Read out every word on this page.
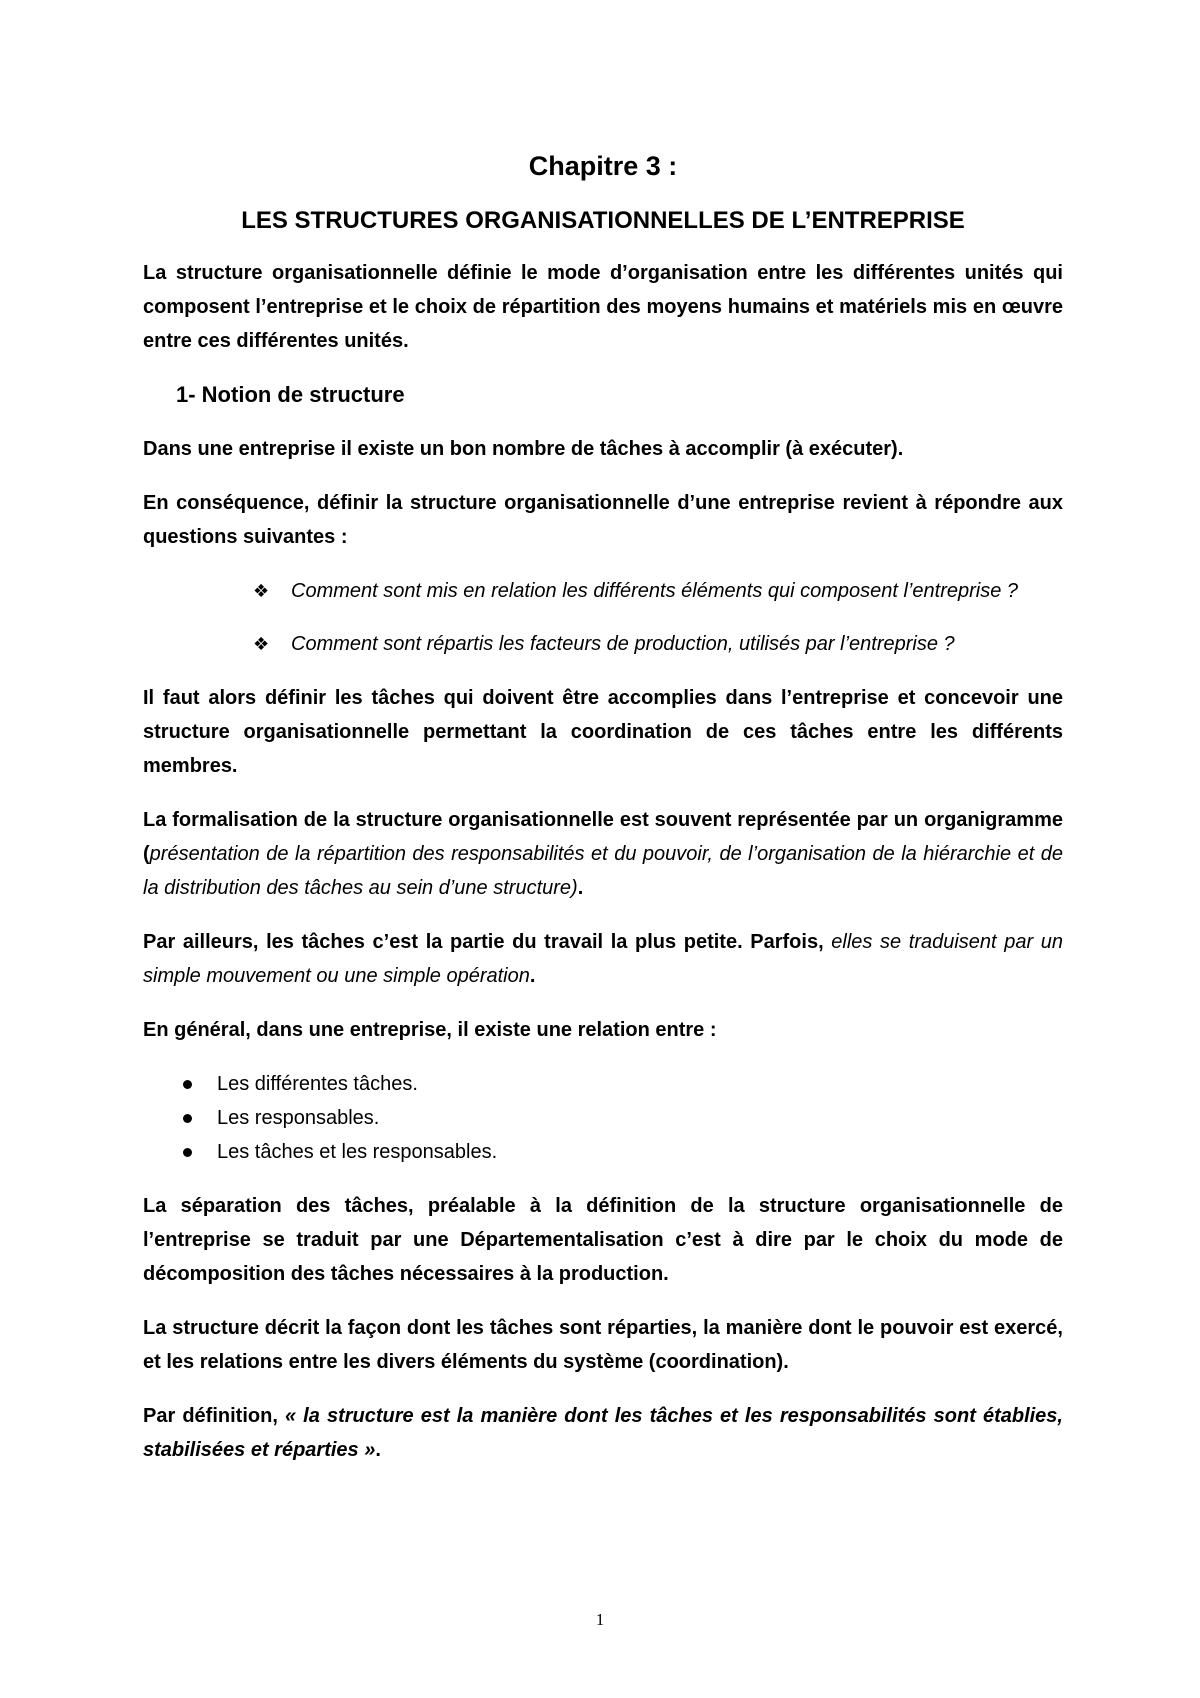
Chapitre 3 :
LES STRUCTURES ORGANISATIONNELLES DE L’ENTREPRISE

La structure organisationnelle définie le mode d’organisation entre les différentes unités qui composent l’entreprise et le choix de répartition des moyens humains et matériels mis en œuvre entre ces différentes unités.

1- Notion de structure

Dans une entreprise il existe un bon nombre de tâches à accomplir (à exécuter).

En conséquence, définir la structure organisationnelle d’une entreprise revient à répondre aux questions suivantes :

❖ Comment sont mis en relation les différents éléments qui composent l’entreprise ?
❖ Comment sont répartis les facteurs de production, utilisés par l’entreprise ?

Il faut alors définir les tâches qui doivent être accomplies dans l’entreprise et concevoir une structure organisationnelle permettant la coordination de ces tâches entre les différents membres.

La formalisation de la structure organisationnelle est souvent représentée par un organigramme (présentation de la répartition des responsabilités et du pouvoir, de l’organisation de la hiérarchie et de la distribution des tâches au sein d’une structure).

Par ailleurs, les tâches c’est la partie du travail la plus petite. Parfois, elles se traduisent par un simple mouvement ou une simple opération.

En général, dans une entreprise, il existe une relation entre :

Les différentes tâches.
Les responsables.
Les tâches et les responsables.

La séparation des tâches, préalable à la définition de la structure organisationnelle de l’entreprise se traduit par une Départementalisation c’est à dire par le choix du mode de décomposition des tâches nécessaires à la production.

La structure décrit la façon dont les tâches sont réparties, la manière dont le pouvoir est exercé, et les relations entre les divers éléments du système (coordination).

Par définition, « la structure est la manière dont les tâches et les responsabilités sont établies, stabilisées et réparties ».

1
